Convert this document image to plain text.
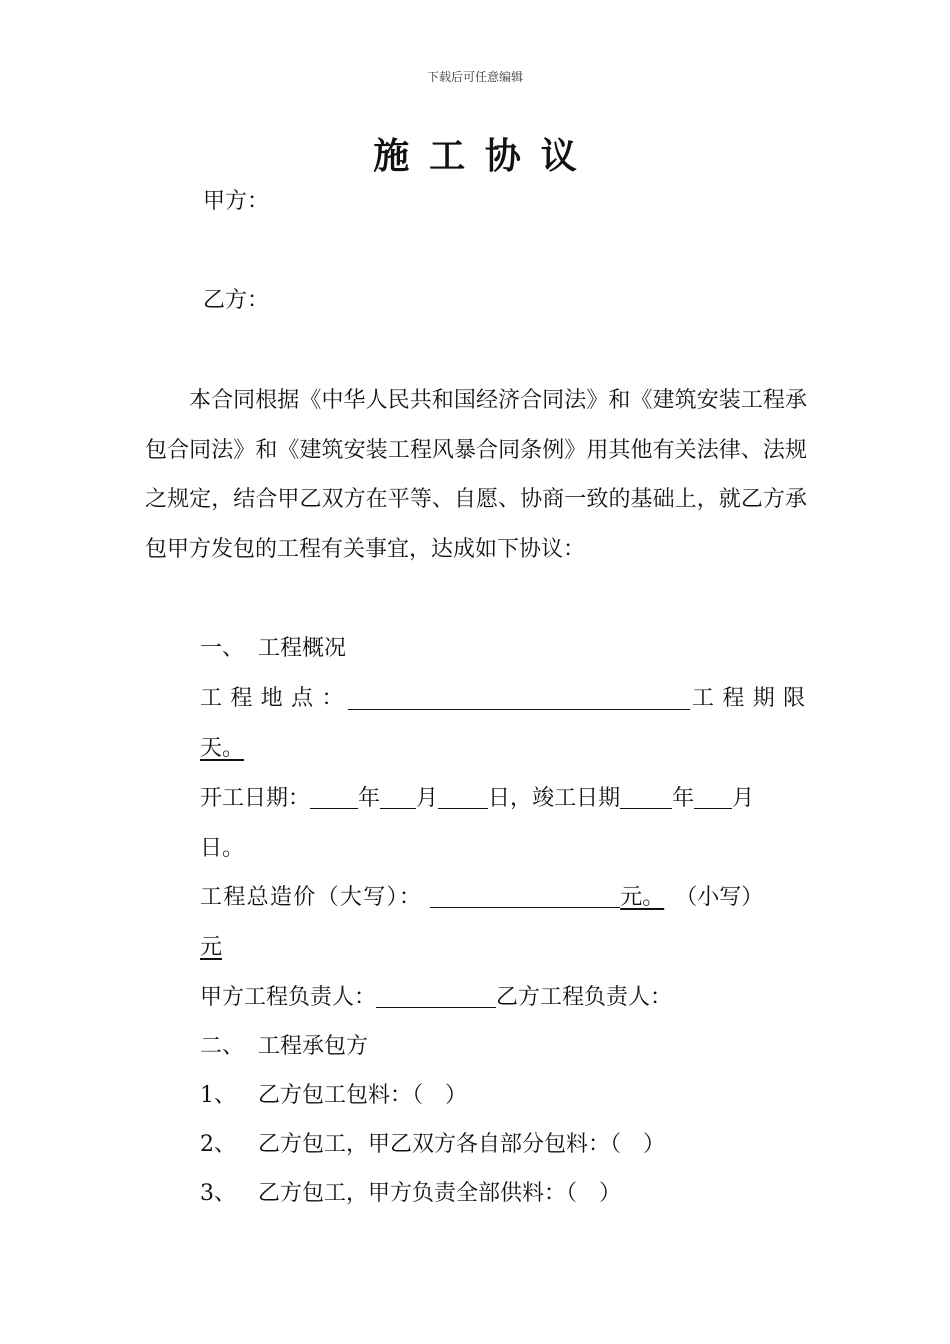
下载后可任意编辑
施工协议
甲方：
乙方：
本合同根据《中华人民共和国经济合同法》和《建筑安装工程承包合同法》和《建筑安装工程风暴合同条例》用其他有关法律、法规之规定，结合甲乙双方在平等、自愿、协商一致的基础上，就乙方承包甲方发包的工程有关事宜，达成如下协议：
一、 工程概况
工程地点：	工程期限
天。
开工日期： 年 月 日，竣工日期 年 月
日。
工程总造价（大写）：	元。 （小写）
元
甲方工程负责人：	乙方工程负责人：
二、 工程承包方
1、 乙方包工包料：（　）
2、 乙方包工，甲乙双方各自部分包料：（　）
3、 乙方包工，甲方负责全部供料：（　）
